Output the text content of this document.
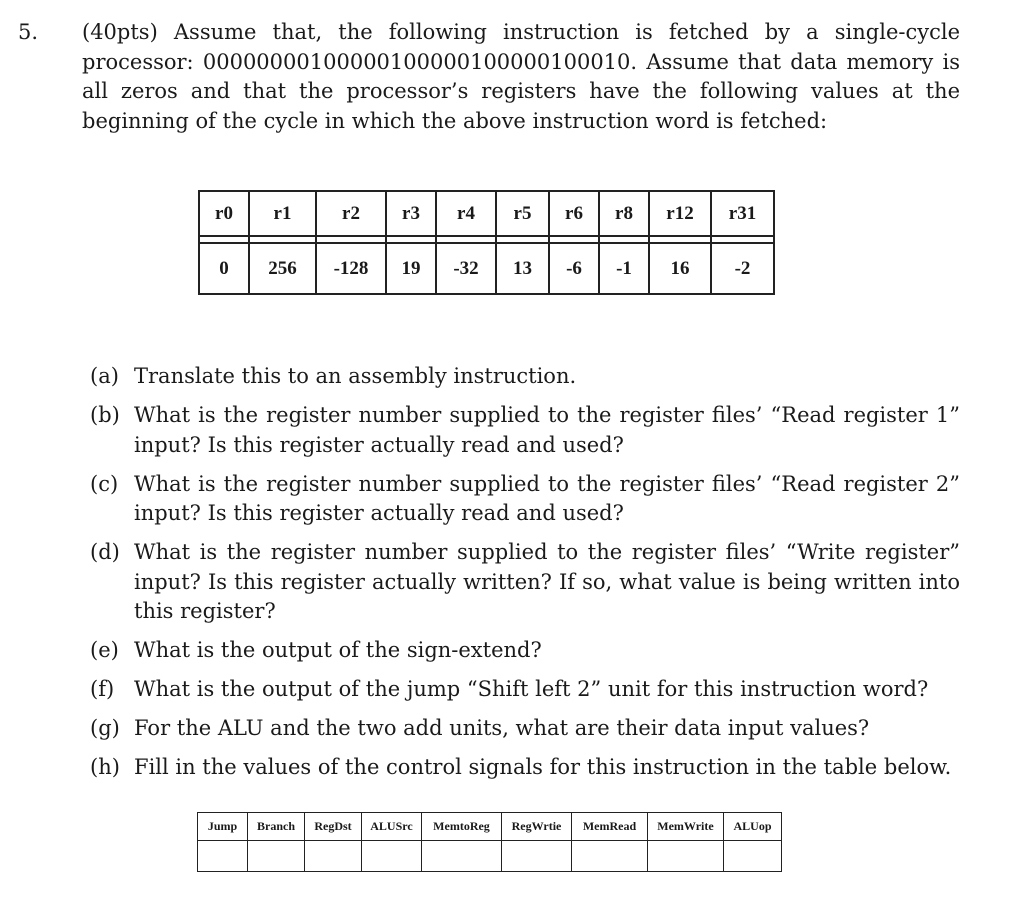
5. (40pts) Assume that, the following instruction is fetched by a single-cycle processor: 00000000100000100000100000100010. Assume that data memory is all zeros and that the processor’s registers have the following values at the beginning of the cycle in which the above instruction word is fetched:
r0	r1	r2	r3	r4	r5	r6	r8	r12	r31

0	256	-128	19	-32	13	-6	-1	16	-2
(a) Translate this to an assembly instruction.
(b) What is the register number supplied to the register files’ “Read register 1” input? Is this register actually read and used?
(c) What is the register number supplied to the register files’ “Read register 2” input? Is this register actually read and used?
(d) What is the register number supplied to the register files’ “Write register” input? Is this register actually written? If so, what value is being written into this register?
(e) What is the output of the sign-extend?
(f) What is the output of the jump “Shift left 2” unit for this instruction word?
(g) For the ALU and the two add units, what are their data input values?
(h) Fill in the values of the control signals for this instruction in the table below.
Jump	Branch	RegDst	ALUSrc	MemtoReg	RegWrtie	MemRead	MemWrite	ALUop
